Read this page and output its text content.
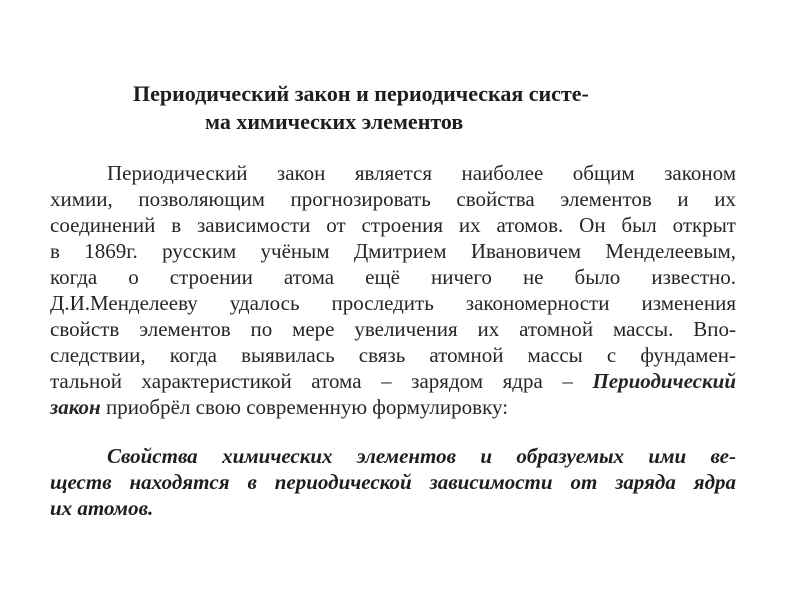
Периодический закон и периодическая систе-
ма химических элементов
Периодический закон является наиболее общим законом
химии, позволяющим прогнозировать свойства элементов и их
соединений в зависимости от строения их атомов. Он был открыт
в 1869г. русским учёным Дмитрием Ивановичем Менделеевым,
когда о строении атома ещё ничего не было известно.
Д.И.Менделееву удалось проследить закономерности изменения
свойств элементов по мере увеличения их атомной массы. Впо-
следствии, когда выявилась связь атомной массы с фундамен-
тальной характеристикой атома – зарядом ядра – Периодический
закон приобрёл свою современную формулировку:
Свойства химических элементов и образуемых ими ве-
ществ находятся в периодической зависимости от заряда ядра
их атомов.
